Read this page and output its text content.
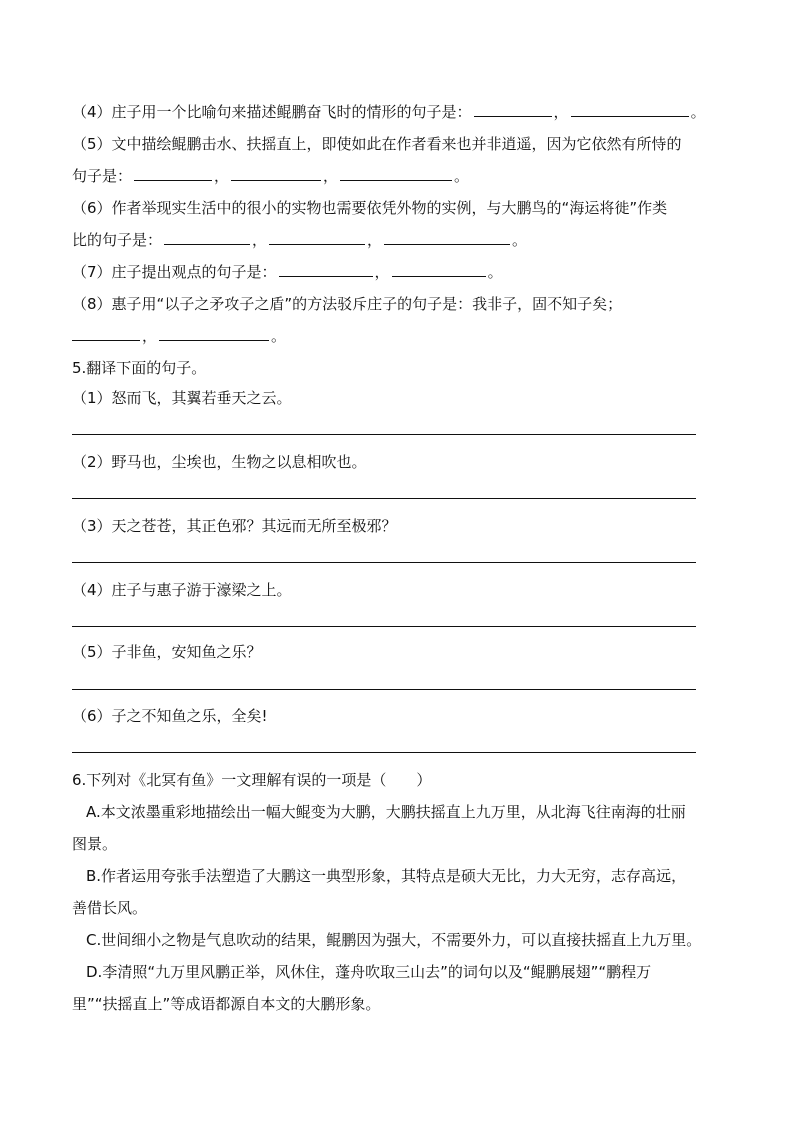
（4）庄子用一个比喻句来描述鲲鹏奋飞时的情形的句子是：	，	。
（5）文中描绘鲲鹏击水、扶摇直上，即使如此在作者看来也并非逍遥，因为它依然有所恃的
句子是：	，	，	。
（6）作者举现实生活中的很小的实物也需要依凭外物的实例，与大鹏鸟的“海运将徙”作类
比的句子是：	，	，	。
（7）庄子提出观点的句子是：	，	。
（8）惠子用“以子之矛攻子之盾”的方法驳斥庄子的句子是：我非子，固不知子矣；
，	。
5.翻译下面的句子。
（1）怒而飞，其翼若垂天之云。
（2）野马也，尘埃也，生物之以息相吹也。
（3）天之苍苍，其正色邪？其远而无所至极邪？
（4）庄子与惠子游于濠梁之上。
（5）子非鱼，安知鱼之乐？
（6）子之不知鱼之乐，全矣!
6.下列对《北冥有鱼》一文理解有误的一项是（　　）
A.本文浓墨重彩地描绘出一幅大鲲变为大鹏，大鹏扶摇直上九万里，从北海飞往南海的壮丽
图景。
B.作者运用夸张手法塑造了大鹏这一典型形象，其特点是硕大无比，力大无穷，志存高远，
善借长风。
C.世间细小之物是气息吹动的结果，鲲鹏因为强大，不需要外力，可以直接扶摇直上九万里。
D.李清照“九万里风鹏正举，风休住，蓬舟吹取三山去”的词句以及“鲲鹏展翅”“鹏程万
里”“扶摇直上”等成语都源自本文的大鹏形象。
